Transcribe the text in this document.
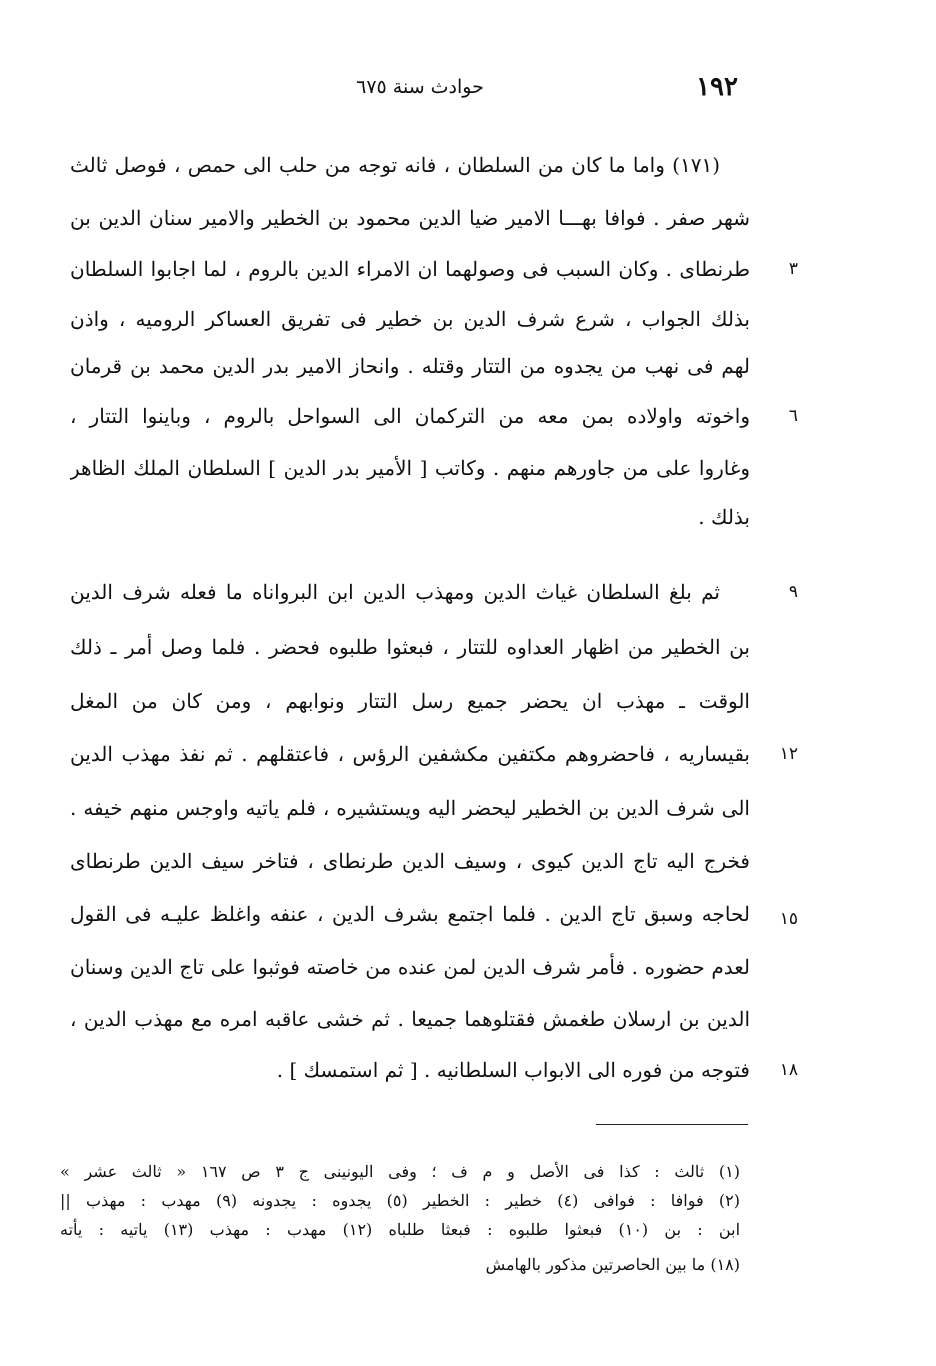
١٩٢
حوادث سنة ٦٧٥
(١٧١) واما ما كان من السلطان ، فانه توجه من حلب الى حمص ، فوصل ثالث
شهر صفر . فوافا بهـــا الامير ضيا الدين محمود بن الخطير والامير سنان الدين بن
طرنطاى . وكان السبب فى وصولهما ان الامراء الدين بالروم ، لما اجابوا السلطان
بذلك الجواب ، شرع شرف الدين بن خطير فى تفريق العساكر الروميه ، واذن
لهم فى نهب من يجدوه من التتار وقتله . وانحاز الامير بدر الدين محمد بن قرمان
واخوته واولاده بمن معه من التركمان الى السواحل بالروم ، وباينوا التتار ،
وغاروا على من جاورهم منهم . وكاتب [ الأمير بدر الدين ] السلطان الملك الظاهر
بذلك .
ثم بلغ السلطان غياث الدين ومهذب الدين ابن البرواناه ما فعله شرف الدين
بن الخطير من اظهار العداوه للتتار ، فبعثوا طلبوه فحضر . فلما وصل أمر ـ ذلك
الوقت ـ مهذب ان يحضر جميع رسل التتار ونوابهم ، ومن كان من المغل
بقيساريه ، فاحضروهم مكتفين مكشفين الرؤس ، فاعتقلهم . ثم نفذ مهذب الدين
الى شرف الدين بن الخطير ليحضر اليه ويستشيره ، فلم ياتيه واوجس منهم خيفه .
فخرج اليه تاج الدين كيوى ، وسيف الدين طرنطاى ، فتاخر سيف الدين طرنطاى
لحاجه وسبق تاج الدين . فلما اجتمع بشرف الدين ، عنفه واغلظ عليـه فى القول
لعدم حضوره . فأمر شرف الدين لمن عنده من خاصته فوثبوا على تاج الدين وسنان
الدين بن ارسلان طغمش فقتلوهما جميعا . ثم خشى عاقبه امره مع مهذب الدين ،
فتوجه من فوره الى الابواب السلطانيه . [ ثم استمسك ] .
٣
٦
٩
١٢
١٥
١٨
(١) ثالث : كذا فى الأصل و م ف ؛ وفى اليونينى ج ٣ ص ١٦٧ « ثالث عشر »
(٢) فوافا : فوافى (٤) خطير : الخطير (٥) يجدوه : يجدونه (٩) مهدب : مهذب ||
ابن : بن (١٠) فبعثوا طلبوه : فبعثا طلباه (١٢) مهدب : مهذب (١٣) ياتيه : يأته
(١٨) ما بين الحاصرتين مذكور بالهامش
